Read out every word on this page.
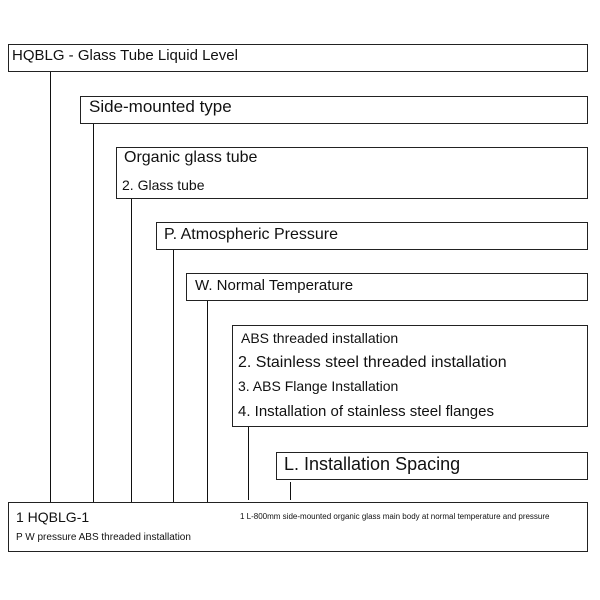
HQBLG - Glass Tube Liquid Level
Side-mounted type
Organic glass tube
2. Glass tube
P. Atmospheric Pressure
W. Normal Temperature
ABS threaded installation
2. Stainless steel threaded installation
3. ABS Flange Installation
4. Installation of stainless steel flanges
L. Installation Spacing
1 HQBLG-1
P W pressure ABS threaded installation
1 L-800mm side-mounted organic glass main body at normal temperature and pressure
